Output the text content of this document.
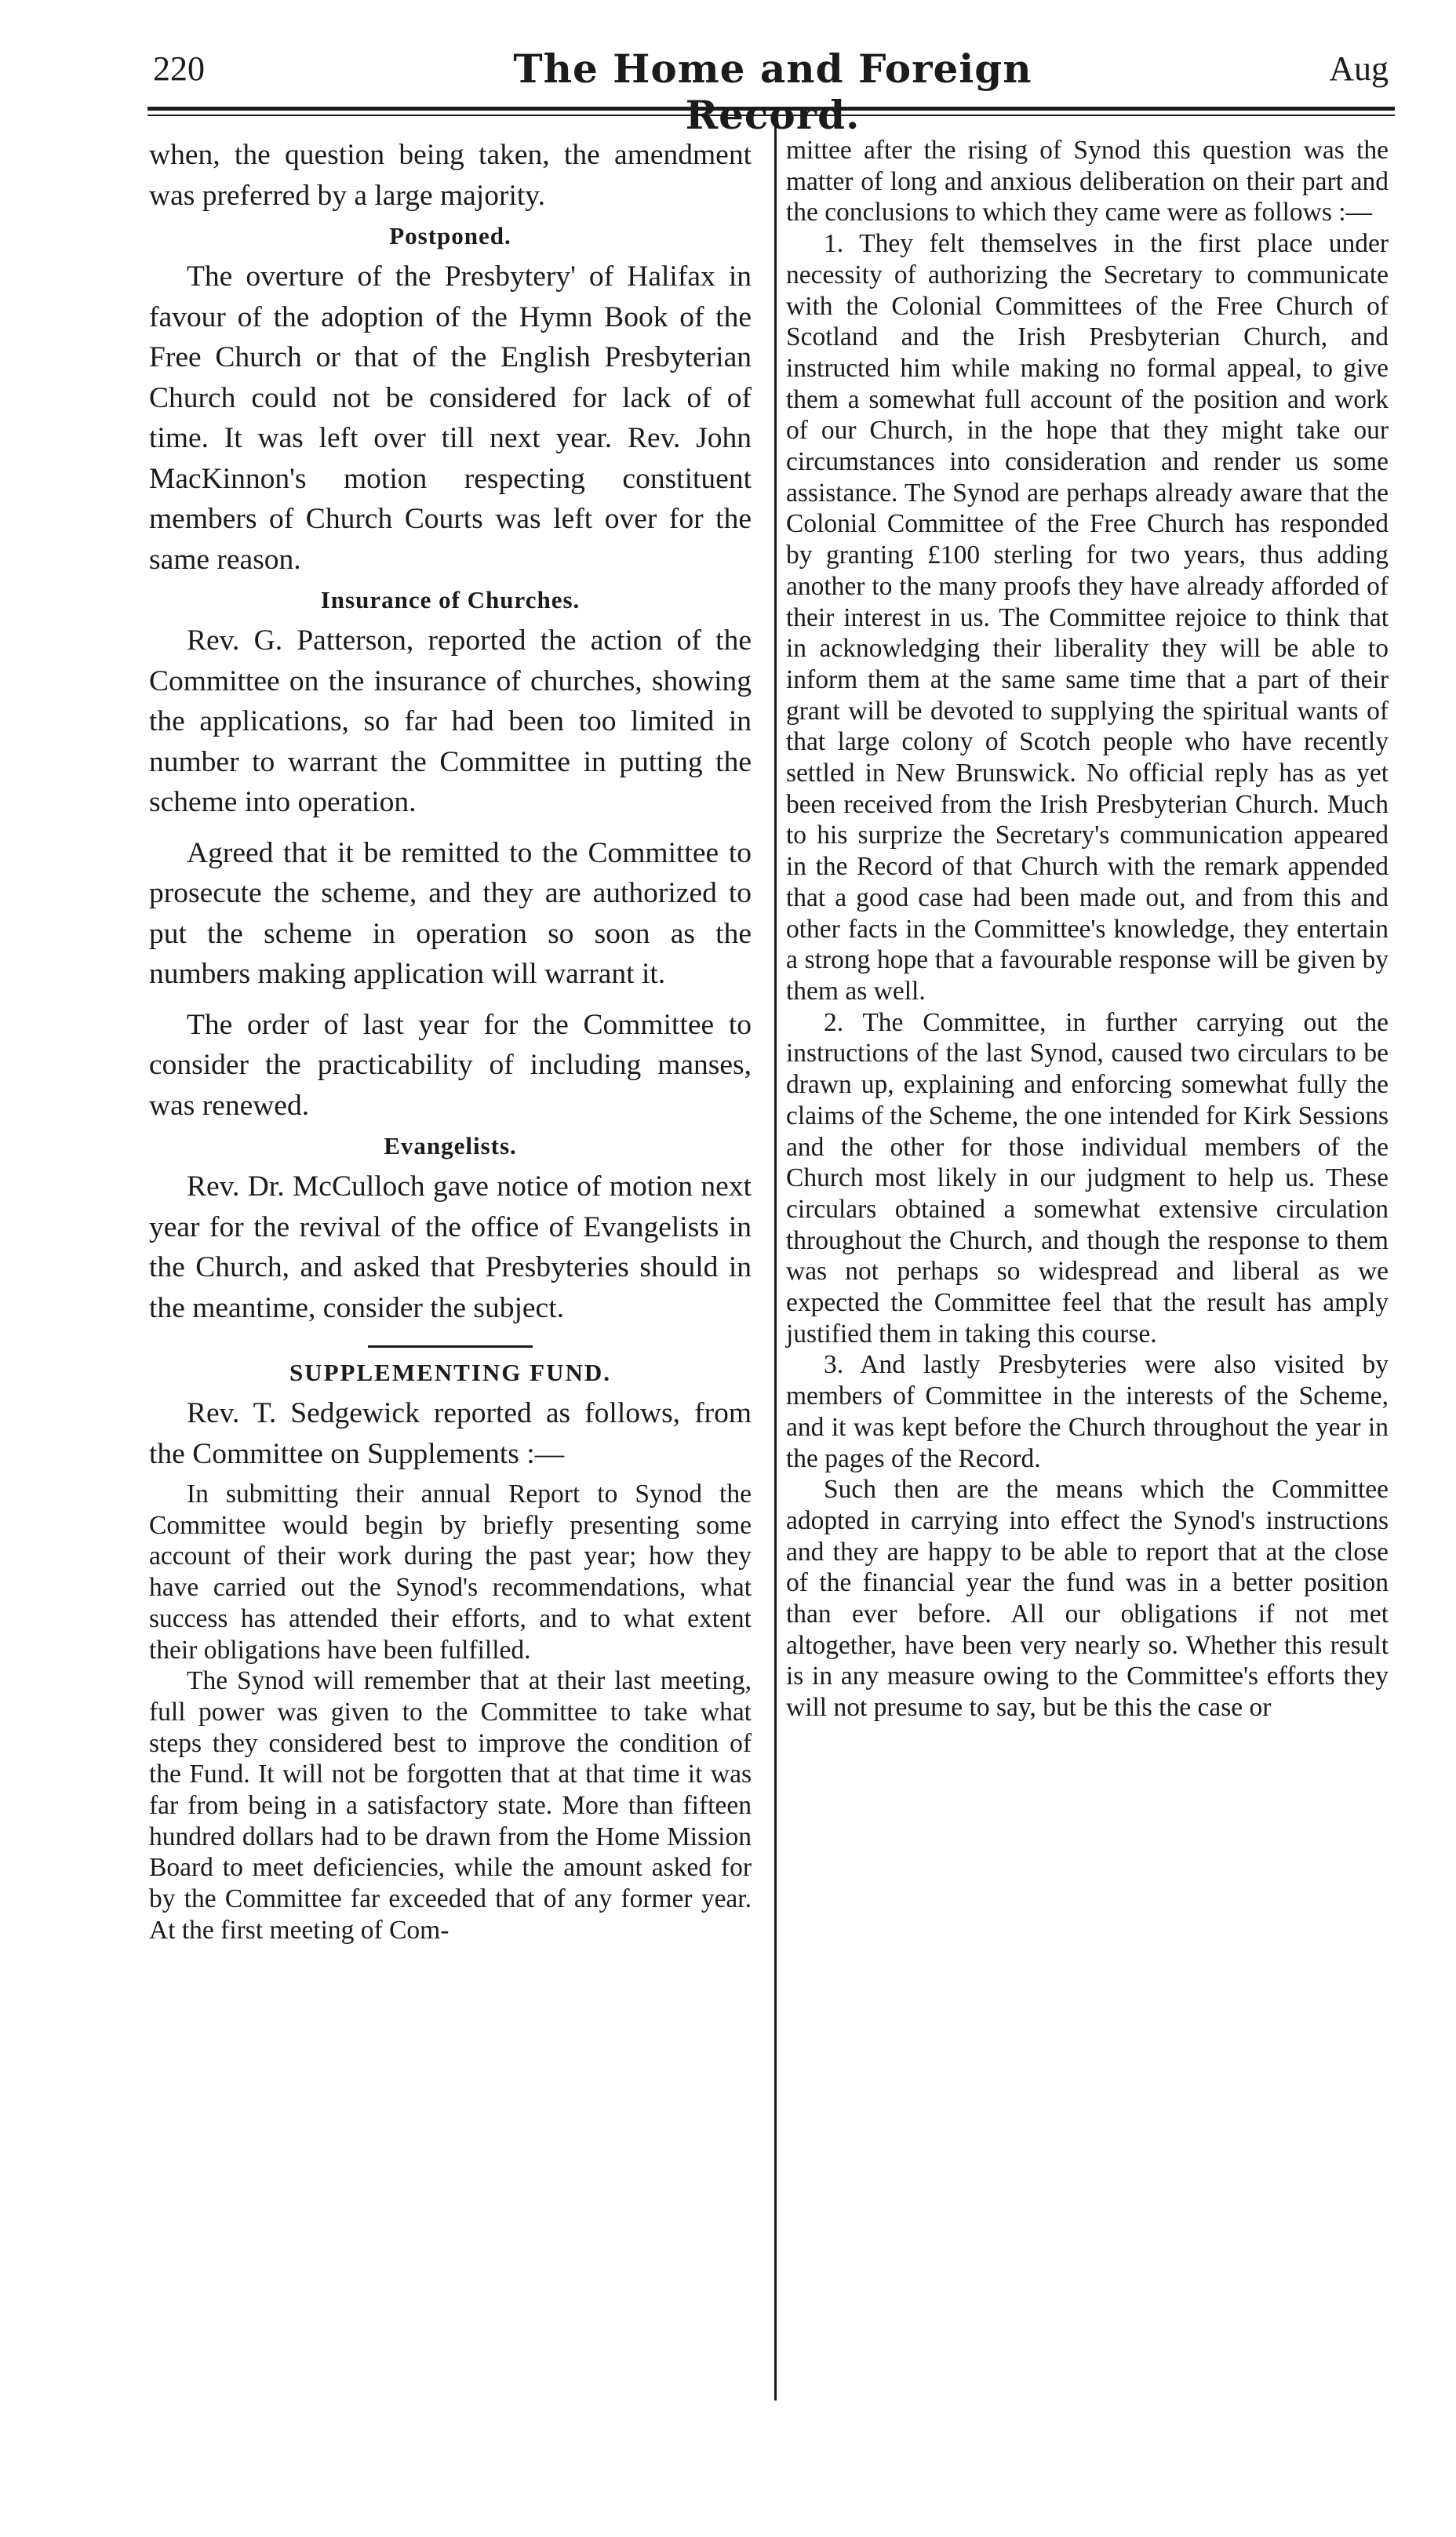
220	The Home and Foreign	Aug

when, the question being taken, the amendment was preferred by a large majority.

Postponed.

The overture of the Presbytery' of Halifax in favour of the adoption of the Hymn Book of the Free Church or that of the English Presbyterian Church could not be considered for lack of of time. It was left over till next year. Rev. John MacKinnon's motion respecting constituent members of Church Courts was left over for the same reason.

Insurance of Churches.

Rev. G. Patterson, reported the action of the Committee on the insurance of churches, showing the applications, so far had been too limited in number to warrant the Committee in putting the scheme into operation.

Agreed that it be remitted to the Committee to prosecute the scheme, and they are authorized to put the scheme in operation so soon as the numbers making application will warrant it.

The order of last year for the Committee to consider the practicability of including manses, was renewed.

Evangelists.

Rev. Dr. McCulloch gave notice of motion next year for the revival of the office of Evangelists in the Church, and asked that Presbyteries should in the meantime, consider the subject.

SUPPLEMENTING FUND.

Rev. T. Sedgewick reported as follows, from the Committee on Supplements :—

In submitting their annual Report to Synod the Committee would begin by briefly presenting some account of their work during the past year; how they have carried out the Synod's recommendations, what success has attended their efforts, and to what extent their obligations have been fulfilled.

The Synod will remember that at their last meeting, full power was given to the Committee to take what steps they considered best to improve the condition of the Fund. It will not be forgotten that at that time it was far from being in a satisfactory state. More than fifteen hundred dollars had to be drawn from the Home Mission Board to meet deficiencies, while the amount asked for by the Committee far exceeded that of any former year. At the first meeting of Com-

mittee after the rising of Synod this question was the matter of long and anxious deliberation on their part and the conclusions to which they came were as follows :—

1. They felt themselves in the first place under necessity of authorizing the Secretary to communicate with the Colonial Committees of the Free Church of Scotland and the Irish Presbyterian Church, and instructed him while making no formal appeal, to give them a somewhat full account of the position and work of our Church, in the hope that they might take our circumstances into consideration and render us some assistance. The Synod are perhaps already aware that the Colonial Committee of the Free Church has responded by granting £100 sterling for two years, thus adding another to the many proofs they have already afforded of their interest in us. The Committee rejoice to think that in acknowledging their liberality they will be able to inform them at the same same time that a part of their grant will be devoted to supplying the spiritual wants of that large colony of Scotch people who have recently settled in New Brunswick. No official reply has as yet been received from the Irish Presbyterian Church. Much to his surprize the Secretary's communication appeared in the Record of that Church with the remark appended that a good case had been made out, and from this and other facts in the Committee's knowledge, they entertain a strong hope that a favourable response will be given by them as well.

2. The Committee, in further carrying out the instructions of the last Synod, caused two circulars to be drawn up, explaining and enforcing somewhat fully the claims of the Scheme, the one intended for Kirk Sessions and the other for those individual members of the Church most likely in our judgment to help us. These circulars obtained a somewhat extensive circulation throughout the Church, and though the response to them was not perhaps so widespread and liberal as we expected the Committee feel that the result has amply justified them in taking this course.

3. And lastly Presbyteries were also visited by members of Committee in the interests of the Scheme, and it was kept before the Church throughout the year in the pages of the Record.

Such then are the means which the Committee adopted in carrying into effect the Synod's instructions and they are happy to be able to report that at the close of the financial year the fund was in a better position than ever before. All our obligations if not met altogether, have been very nearly so. Whether this result is in any measure owing to the Committee's efforts they will not presume to say, but be this the case or
